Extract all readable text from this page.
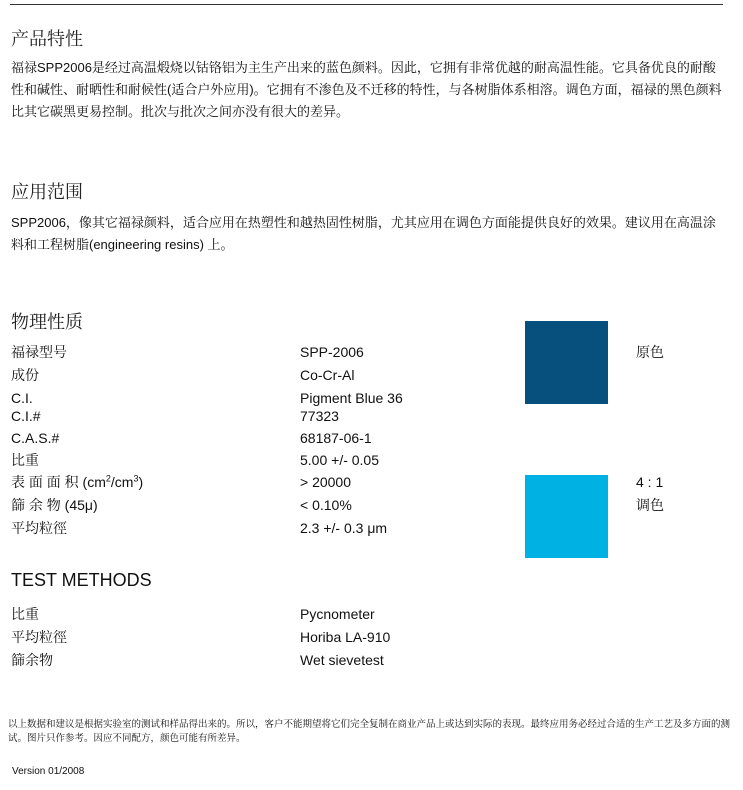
产品特性
福禄SPP2006是经过高温煅烧以钴铬铝为主生产出来的蓝色颜料。因此，它拥有非常优越的耐高温性能。它具备优良的耐酸性和碱性、耐晒性和耐候性(适合户外应用)。它拥有不渗色及不迁移的特性，与各树脂体系相溶。调色方面，福禄的黑色颜料比其它碳黑更易控制。批次与批次之间亦没有很大的差异。
应用范围
SPP2006，像其它福禄颜料，适合应用在热塑性和越热固性树脂，尤其应用在调色方面能提供良好的效果。建议用在高温涂料和工程树脂(engineering resins) 上。
物理性质
福禄型号	SPP-2006
成份	Co-Cr-Al
C.I.	Pigment Blue 36
C.I.#	77323
C.A.S.#	68187-06-1
比重	5.00 +/- 0.05
表 面 面 积 $(cm^2/cm^3)$	> 20000
篩 余 物 (45μ)	< 0.10%
平均粒徑	2.3 +/- 0.3 μm
原色
4 : 1
调色
TEST METHODS
比重	Pycnometer
平均粒徑	Horiba LA-910
篩余物	Wet sievetest
以上数据和建议是根据实验室的测试和样品得出来的。所以，客户不能期望将它们完全复制在商业产品上或达到实际的表现。最终应用务必经过合适的生产工艺及多方面的测试。图片只作参考。因应不同配方，颜色可能有所差异。
Version 01/2008
